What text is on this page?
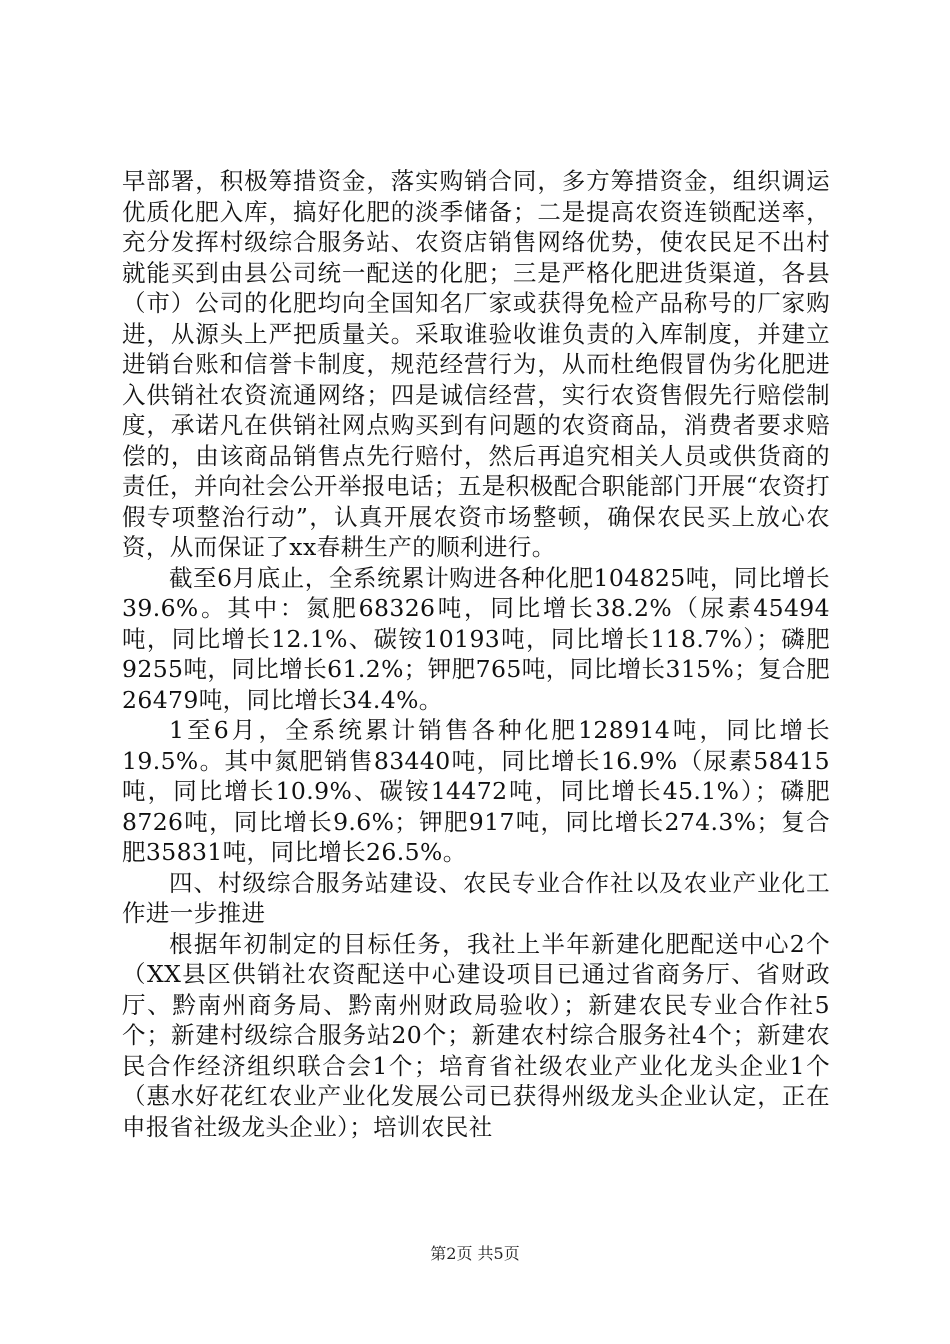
早部署，积极筹措资金，落实购销合同，多方筹措资金，组织调运优质化肥入库，搞好化肥的淡季储备；二是提高农资连锁配送率，充分发挥村级综合服务站、农资店销售网络优势，使农民足不出村就能买到由县公司统一配送的化肥；三是严格化肥进货渠道，各县（市）公司的化肥均向全国知名厂家或获得免检产品称号的厂家购进，从源头上严把质量关。采取谁验收谁负责的入库制度，并建立进销台账和信誉卡制度，规范经营行为，从而杜绝假冒伪劣化肥进入供销社农资流通网络；四是诚信经营，实行农资售假先行赔偿制度，承诺凡在供销社网点购买到有问题的农资商品，消费者要求赔偿的，由该商品销售点先行赔付，然后再追究相关人员或供货商的责任，并向社会公开举报电话；五是积极配合职能部门开展“农资打假专项整治行动”，认真开展农资市场整顿，确保农民买上放心农资，从而保证了xx春耕生产的顺利进行。

截至6月底止，全系统累计购进各种化肥104825吨，同比增长39.6%。其中：氮肥68326吨，同比增长38.2%（尿素45494吨，同比增长12.1%、碳铵10193吨，同比增长118.7%）；磷肥9255吨，同比增长61.2%；钾肥765吨，同比增长315%；复合肥26479吨，同比增长34.4%。

1至6月，全系统累计销售各种化肥128914吨，同比增长19.5%。其中氮肥销售83440吨，同比增长16.9%（尿素58415吨，同比增长10.9%、碳铵14472吨，同比增长45.1%）；磷肥8726吨，同比增长9.6%；钾肥917吨，同比增长274.3%；复合肥35831吨，同比增长26.5%。

四、村级综合服务站建设、农民专业合作社以及农业产业化工作进一步推进

根据年初制定的目标任务，我社上半年新建化肥配送中心2个（XX县区供销社农资配送中心建设项目已通过省商务厅、省财政厅、黔南州商务局、黔南州财政局验收）；新建农民专业合作社5个；新建村级综合服务站20个；新建农村综合服务社4个；新建农民合作经济组织联合会1个；培育省社级农业产业化龙头企业1个（惠水好花红农业产业化发展公司已获得州级龙头企业认定，正在申报省社级龙头企业）；培训农民社

第2页 共5页
